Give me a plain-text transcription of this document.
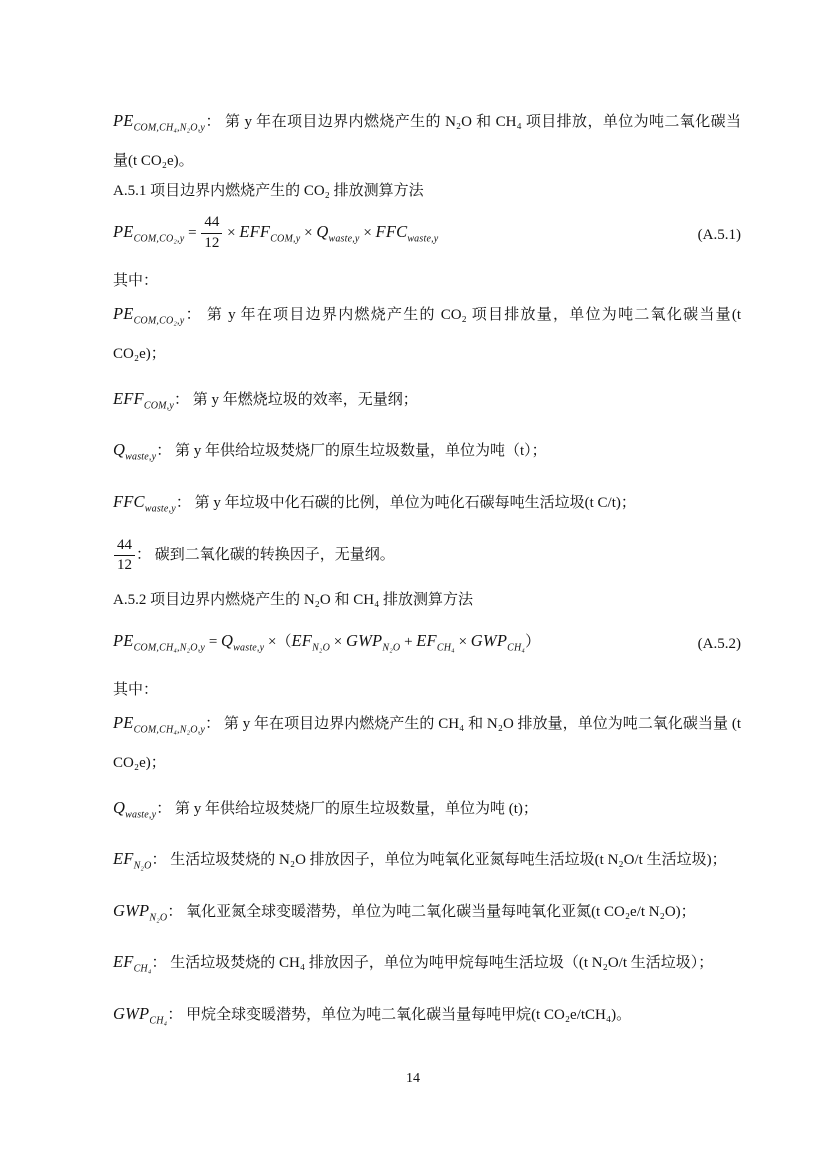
$PE_{COM,CH_4,N_2O,y}$： 第 y 年在项目边界内燃烧产生的 N₂O 和 CH₄ 项目排放，单位为吨二氧化碳当量(t CO₂e)。
A.5.1 项目边界内燃烧产生的 CO₂ 排放测算方法
$PE_{COM,CO_2,y} = \frac{44}{12} \times EFF_{COM,y} \times Q_{waste,y} \times FFC_{waste,y}$	(A.5.1)
其中：
$PE_{COM,CO_2,y}$： 第 y 年在项目边界内燃烧产生的 CO₂ 项目排放量，单位为吨二氧化碳当量(t CO₂e)；
$EFF_{COM,y}$： 第 y 年燃烧垃圾的效率，无量纲；
$Q_{waste,y}$： 第 y 年供给垃圾焚烧厂的原生垃圾数量，单位为吨（t）；
$FFC_{waste,y}$： 第 y 年垃圾中化石碳的比例，单位为吨化石碳每吨生活垃圾(t C/t)；
$\frac{44}{12}$ ： 碳到二氧化碳的转换因子，无量纲。
A.5.2 项目边界内燃烧产生的 N₂O 和 CH₄ 排放测算方法
$PE_{COM,CH_4,N_2O,y} = Q_{waste,y} \times(EF_{N_2O} \times GWP_{N_2O} + EF_{CH_4} \times GWP_{CH_4})$	(A.5.2)
其中：
$PE_{COM,CH_4,N_2O,y}$： 第 y 年在项目边界内燃烧产生的 CH₄ 和 N₂O 排放量，单位为吨二氧化碳当量 (t CO₂e)；
$Q_{waste,y}$： 第 y 年供给垃圾焚烧厂的原生垃圾数量，单位为吨 (t)；
$EF_{N_2O}$： 生活垃圾焚烧的 N₂O 排放因子，单位为吨氧化亚氮每吨生活垃圾(t N₂O/t 生活垃圾)；
$GWP_{N_2O}$： 氧化亚氮全球变暖潜势，单位为吨二氧化碳当量每吨氧化亚氮(t CO₂e/t N₂O)；
$EF_{CH_4}$： 生活垃圾焚烧的 CH₄ 排放因子，单位为吨甲烷每吨生活垃圾（(t N₂O/t 生活垃圾）；
$GWP_{CH_4}$： 甲烷全球变暖潜势，单位为吨二氧化碳当量每吨甲烷(t CO₂e/tCH₄)。
14
